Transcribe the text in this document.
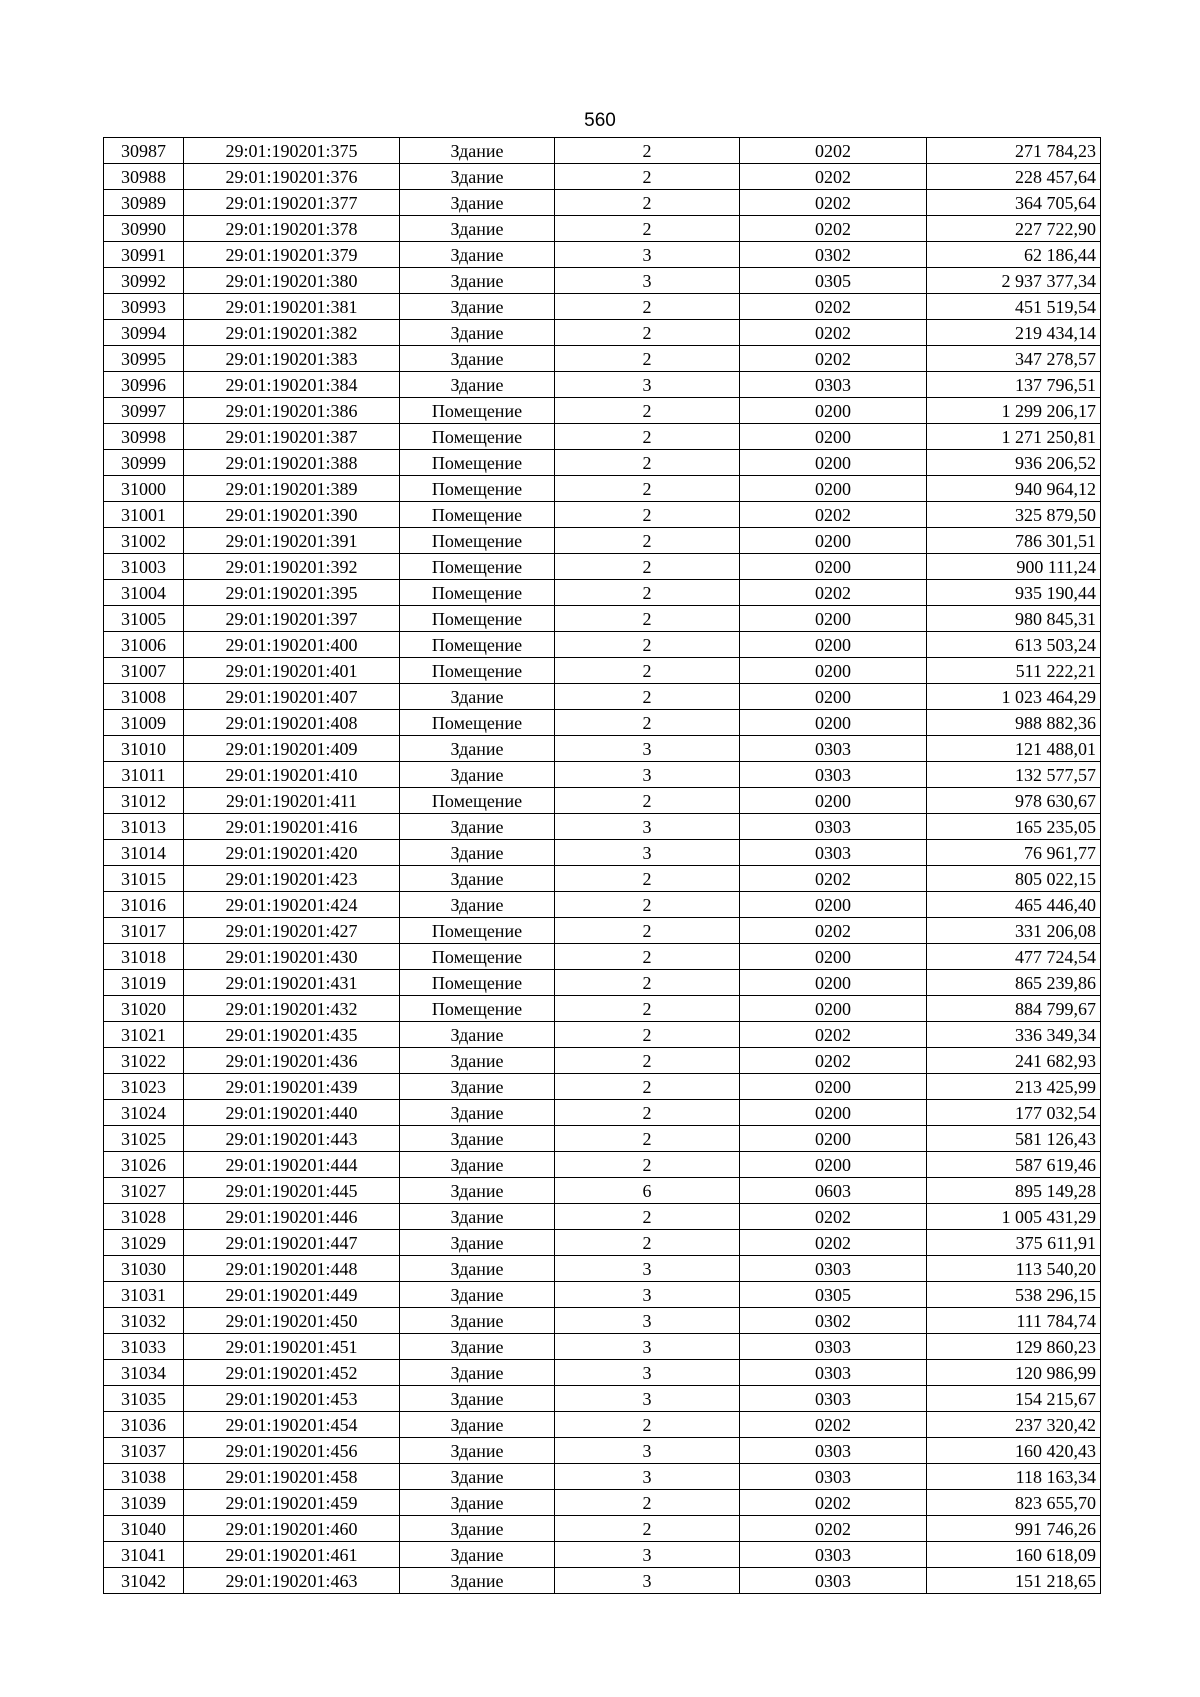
560
30987	29:01:190201:375	Здание	2	0202	271 784,23
30988	29:01:190201:376	Здание	2	0202	228 457,64
30989	29:01:190201:377	Здание	2	0202	364 705,64
30990	29:01:190201:378	Здание	2	0202	227 722,90
30991	29:01:190201:379	Здание	3	0302	62 186,44
30992	29:01:190201:380	Здание	3	0305	2 937 377,34
30993	29:01:190201:381	Здание	2	0202	451 519,54
30994	29:01:190201:382	Здание	2	0202	219 434,14
30995	29:01:190201:383	Здание	2	0202	347 278,57
30996	29:01:190201:384	Здание	3	0303	137 796,51
30997	29:01:190201:386	Помещение	2	0200	1 299 206,17
30998	29:01:190201:387	Помещение	2	0200	1 271 250,81
30999	29:01:190201:388	Помещение	2	0200	936 206,52
31000	29:01:190201:389	Помещение	2	0200	940 964,12
31001	29:01:190201:390	Помещение	2	0202	325 879,50
31002	29:01:190201:391	Помещение	2	0200	786 301,51
31003	29:01:190201:392	Помещение	2	0200	900 111,24
31004	29:01:190201:395	Помещение	2	0202	935 190,44
31005	29:01:190201:397	Помещение	2	0200	980 845,31
31006	29:01:190201:400	Помещение	2	0200	613 503,24
31007	29:01:190201:401	Помещение	2	0200	511 222,21
31008	29:01:190201:407	Здание	2	0200	1 023 464,29
31009	29:01:190201:408	Помещение	2	0200	988 882,36
31010	29:01:190201:409	Здание	3	0303	121 488,01
31011	29:01:190201:410	Здание	3	0303	132 577,57
31012	29:01:190201:411	Помещение	2	0200	978 630,67
31013	29:01:190201:416	Здание	3	0303	165 235,05
31014	29:01:190201:420	Здание	3	0303	76 961,77
31015	29:01:190201:423	Здание	2	0202	805 022,15
31016	29:01:190201:424	Здание	2	0200	465 446,40
31017	29:01:190201:427	Помещение	2	0202	331 206,08
31018	29:01:190201:430	Помещение	2	0200	477 724,54
31019	29:01:190201:431	Помещение	2	0200	865 239,86
31020	29:01:190201:432	Помещение	2	0200	884 799,67
31021	29:01:190201:435	Здание	2	0202	336 349,34
31022	29:01:190201:436	Здание	2	0202	241 682,93
31023	29:01:190201:439	Здание	2	0200	213 425,99
31024	29:01:190201:440	Здание	2	0200	177 032,54
31025	29:01:190201:443	Здание	2	0200	581 126,43
31026	29:01:190201:444	Здание	2	0200	587 619,46
31027	29:01:190201:445	Здание	6	0603	895 149,28
31028	29:01:190201:446	Здание	2	0202	1 005 431,29
31029	29:01:190201:447	Здание	2	0202	375 611,91
31030	29:01:190201:448	Здание	3	0303	113 540,20
31031	29:01:190201:449	Здание	3	0305	538 296,15
31032	29:01:190201:450	Здание	3	0302	111 784,74
31033	29:01:190201:451	Здание	3	0303	129 860,23
31034	29:01:190201:452	Здание	3	0303	120 986,99
31035	29:01:190201:453	Здание	3	0303	154 215,67
31036	29:01:190201:454	Здание	2	0202	237 320,42
31037	29:01:190201:456	Здание	3	0303	160 420,43
31038	29:01:190201:458	Здание	3	0303	118 163,34
31039	29:01:190201:459	Здание	2	0202	823 655,70
31040	29:01:190201:460	Здание	2	0202	991 746,26
31041	29:01:190201:461	Здание	3	0303	160 618,09
31042	29:01:190201:463	Здание	3	0303	151 218,65
